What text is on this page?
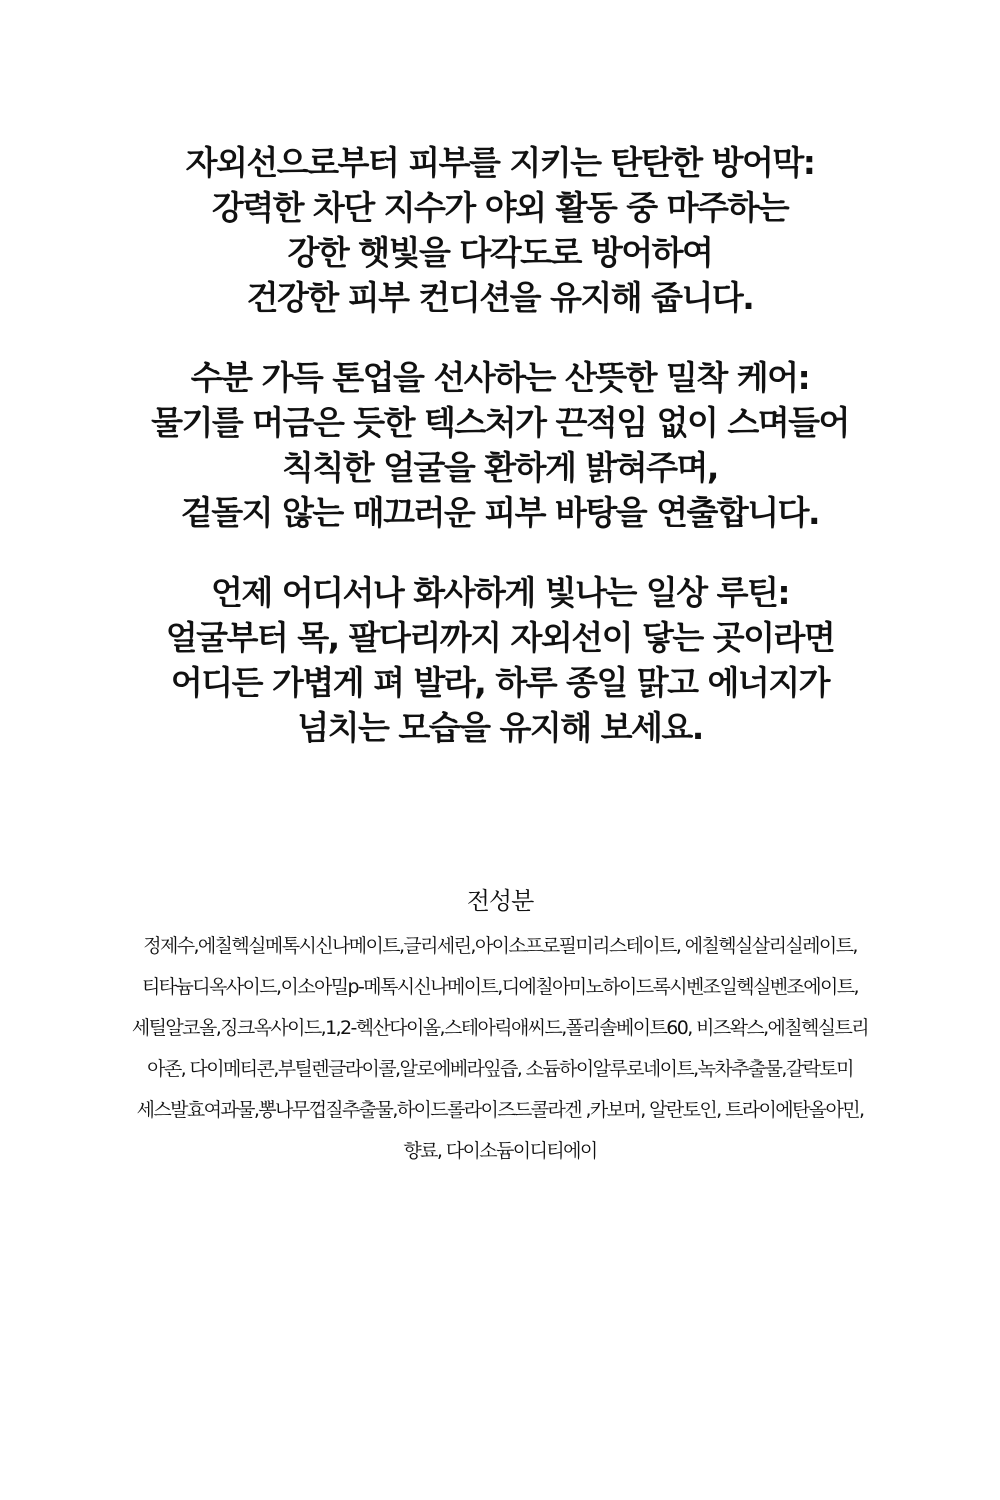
자외선으로부터 피부를 지키는 탄탄한 방어막:
강력한 차단 지수가 야외 활동 중 마주하는
강한 햇빛을 다각도로 방어하여
건강한 피부 컨디션을 유지해 줍니다.
수분 가득 톤업을 선사하는 산뜻한 밀착 케어:
물기를 머금은 듯한 텍스처가 끈적임 없이 스며들어
칙칙한 얼굴을 환하게 밝혀주며,
겉돌지 않는 매끄러운 피부 바탕을 연출합니다.
언제 어디서나 화사하게 빛나는 일상 루틴:
얼굴부터 목, 팔다리까지 자외선이 닿는 곳이라면
어디든 가볍게 펴 발라, 하루 종일 맑고 에너지가
넘치는 모습을 유지해 보세요.
전성분
정제수,에칠헥실메톡시신나메이트,글리세린,아이소프로필미리스테이트, 에칠헥실살리실레이트,
티타늄디옥사이드,이소아밀p-메톡시신나메이트,디에칠아미노하이드록시벤조일헥실벤조에이트,
세틸알코올,징크옥사이드,1,2-헥산다이올,스테아릭애씨드,폴리솔베이트60, 비즈왁스,에칠헥실트리
아존, 다이메티콘,부틸렌글라이콜,알로에베라잎즙, 소듐하이알루로네이트,녹차추출물,갈락토미
세스발효여과물,뽕나무껍질추출물,하이드롤라이즈드콜라겐 ,카보머, 알란토인, 트라이에탄올아민,
향료, 다이소듐이디티에이
